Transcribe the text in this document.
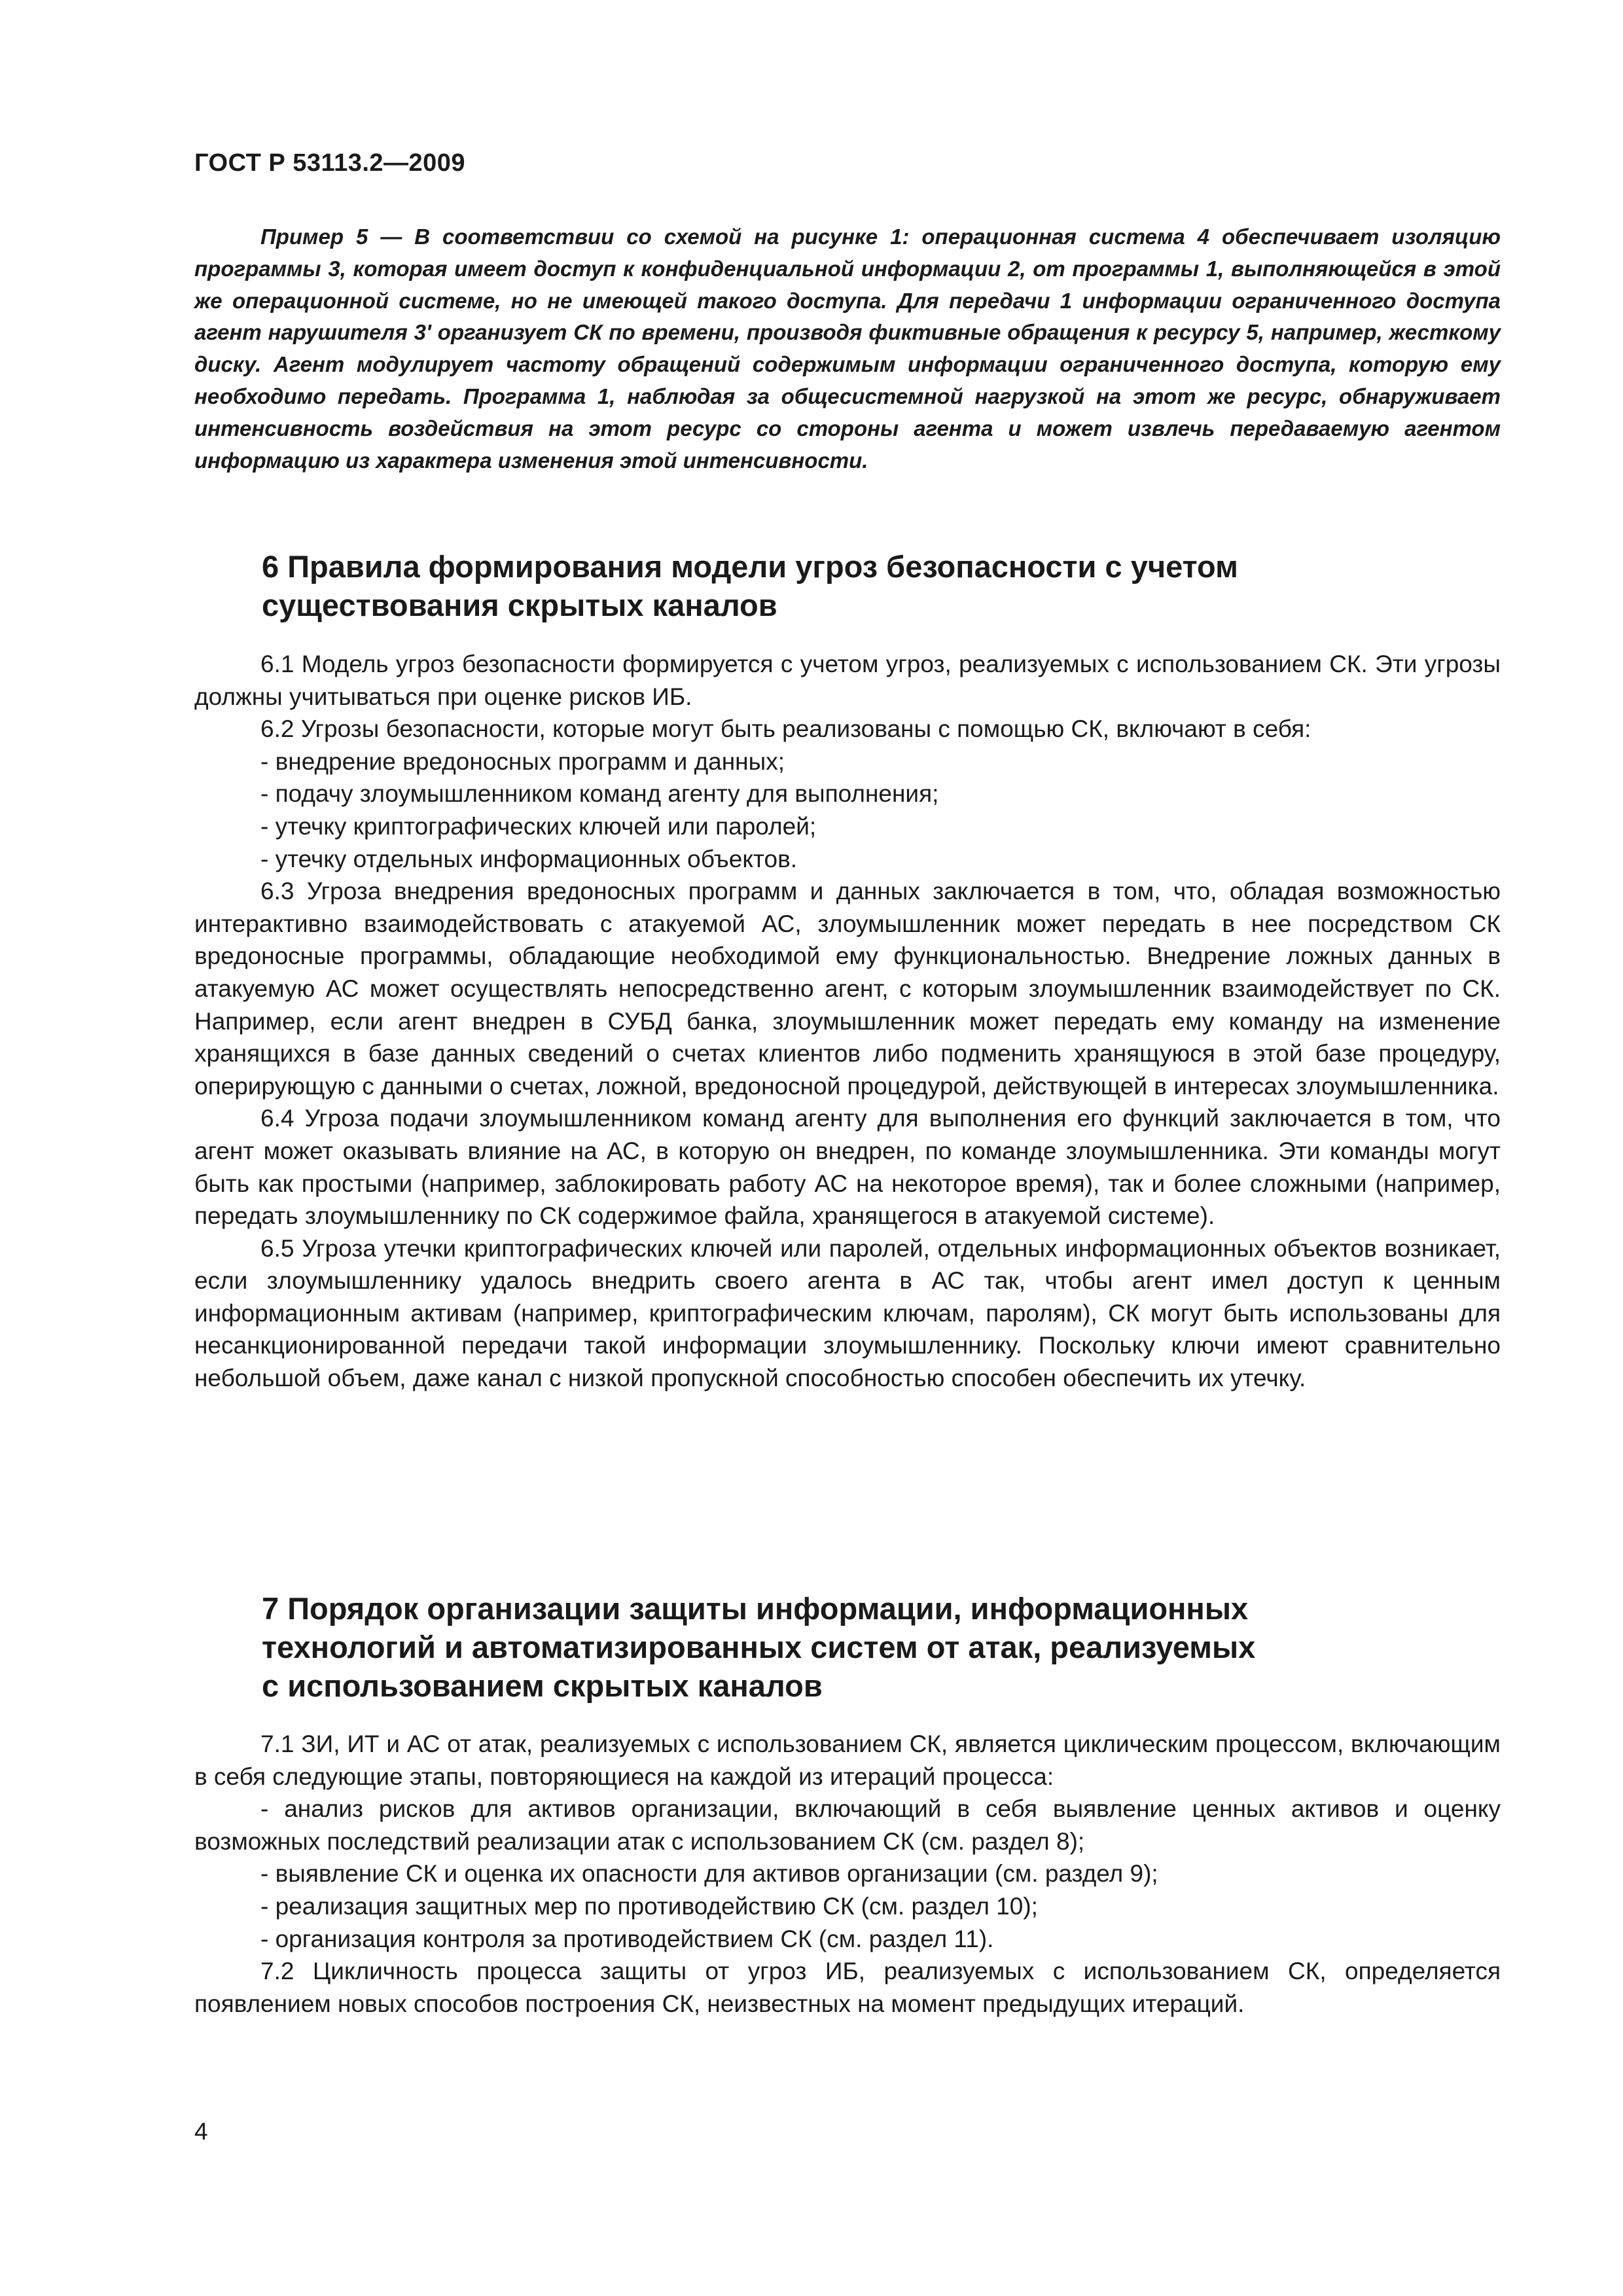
ГОСТ Р 53113.2—2009

Пример 5 — В соответствии со схемой на рисунке 1: операционная система 4 обеспечивает изоляцию программы 3, которая имеет доступ к конфиденциальной информации 2, от программы 1, выполняющейся в этой же операционной системе, но не имеющей такого доступа. Для передачи 1 информации ограниченного доступа агент нарушителя 3' организует СК по времени, производя фиктивные обращения к ресурсу 5, например, жесткому диску. Агент модулирует частоту обращений содержимым информации ограниченного доступа, которую ему необходимо передать. Программа 1, наблюдая за общесистемной нагрузкой на этот же ресурс, обнаруживает интенсивность воздействия на этот ресурс со стороны агента и может извлечь передаваемую агентом информацию из характера изменения этой интенсивности.

6 Правила формирования модели угроз безопасности с учетом

существования скрытых каналов

6.1 Модель угроз безопасности формируется с учетом угроз, реализуемых с использованием СК. Эти угрозы должны учитываться при оценке рисков ИБ.

6.2 Угрозы безопасности, которые могут быть реализованы с помощью СК, включают в себя:

- внедрение вредоносных программ и данных;

- подачу злоумышленником команд агенту для выполнения;

- утечку криптографических ключей или паролей;

- утечку отдельных информационных объектов.

6.3 Угроза внедрения вредоносных программ и данных заключается в том, что, обладая возможностью интерактивно взаимодействовать с атакуемой АС, злоумышленник может передать в нее посредством СК вредоносные программы, обладающие необходимой ему функциональностью. Внедрение ложных данных в атакуемую АС может осуществлять непосредственно агент, с которым злоумышленник взаимодействует по СК. Например, если агент внедрен в СУБД банка, злоумышленник может передать ему команду на изменение хранящихся в базе данных сведений о счетах клиентов либо подменить хранящуюся в этой базе процедуру, оперирующую с данными о счетах, ложной, вредоносной процедурой, действующей в интересах злоумышленника.

6.4 Угроза подачи злоумышленником команд агенту для выполнения его функций заключается в том, что агент может оказывать влияние на АС, в которую он внедрен, по команде злоумышленника. Эти команды могут быть как простыми (например, заблокировать работу АС на некоторое время), так и более сложными (например, передать злоумышленнику по СК содержимое файла, хранящегося в атакуемой системе).

6.5 Угроза утечки криптографических ключей или паролей, отдельных информационных объектов возникает, если злоумышленнику удалось внедрить своего агента в АС так, чтобы агент имел доступ к ценным информационным активам (например, криптографическим ключам, паролям), СК могут быть использованы для несанкционированной передачи такой информации злоумышленнику. Поскольку ключи имеют сравнительно небольшой объем, даже канал с низкой пропускной способностью способен обеспечить их утечку.

7 Порядок организации защиты информации, информационных

технологий и автоматизированных систем от атак, реализуемых

с использованием скрытых каналов

7.1 ЗИ, ИТ и АС от атак, реализуемых с использованием СК, является циклическим процессом, включающим в себя следующие этапы, повторяющиеся на каждой из итераций процесса:

- анализ рисков для активов организации, включающий в себя выявление ценных активов и оценку возможных последствий реализации атак с использованием СК (см. раздел 8);

- выявление СК и оценка их опасности для активов организации (см. раздел 9);

- реализация защитных мер по противодействию СК (см. раздел 10);

- организация контроля за противодействием СК (см. раздел 11).

7.2 Цикличность процесса защиты от угроз ИБ, реализуемых с использованием СК, определяется появлением новых способов построения СК, неизвестных на момент предыдущих итераций.

4
